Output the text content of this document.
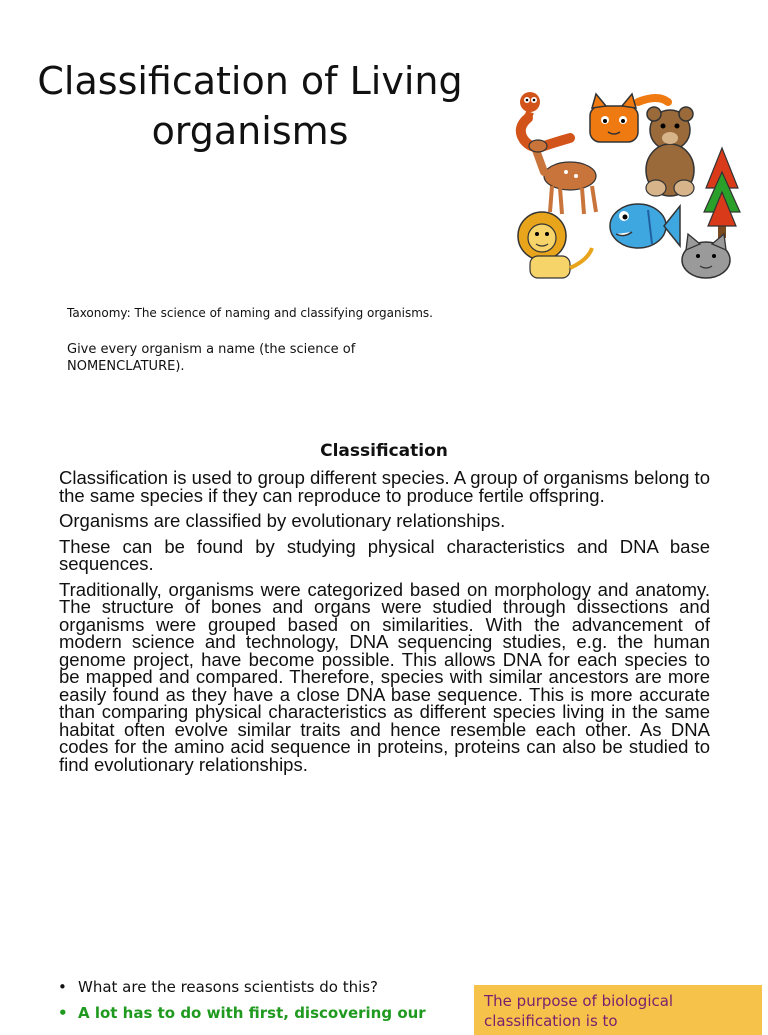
Classification of Living
organisms
Taxonomy: The science of naming and classifying organisms.
Give every organism a name (the science of NOMENCLATURE).
Classification

Classification is used to group different species. A group of organisms belong to the same species if they can reproduce to produce fertile offspring.

Organisms are classified by evolutionary relationships.

These can be found by studying physical characteristics and DNA base sequences.

Traditionally, organisms were categorized based on morphology and anatomy. The structure of bones and organs were studied through dissections and organisms were grouped based on similarities. With the advancement of modern science and technology, DNA sequencing studies, e.g. the human genome project, have become possible. This allows DNA for each species to be mapped and compared. Therefore, species with similar ancestors are more easily found as they have a close DNA base sequence. This is more accurate than comparing physical characteristics as different species living in the same habitat often evolve similar traits and hence resemble each other. As DNA codes for the amino acid sequence in proteins, proteins can also be studied to find evolutionary relationships.

• What are the reasons scientists do this?
• A lot has to do with first, discovering our
The purpose of biological classification is to
